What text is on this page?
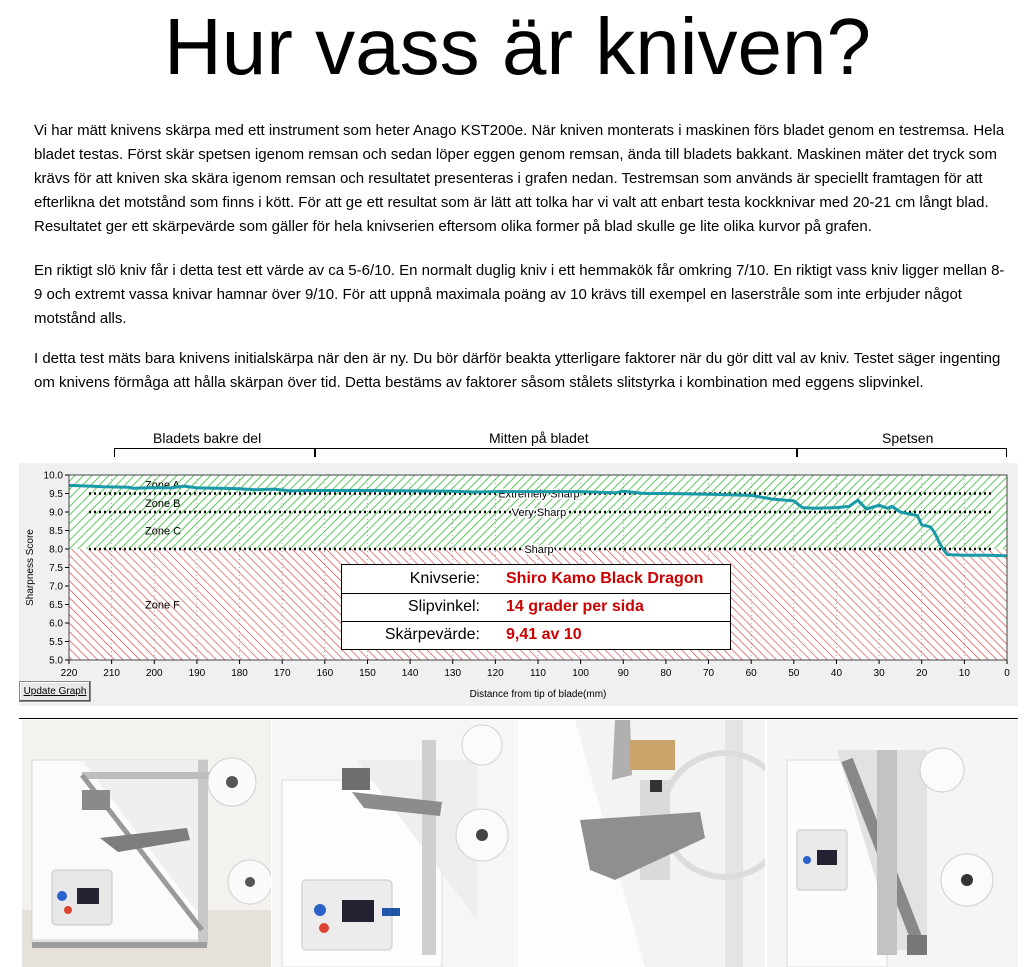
Hur vass är kniven?
Vi har mätt knivens skärpa med ett instrument som heter Anago KST200e. När kniven monterats i maskinen förs bladet genom en testremsa. Hela bladet testas. Först skär spetsen igenom remsan och sedan löper eggen genom remsan, ända till bladets bakkant. Maskinen mäter det tryck som krävs för att kniven ska skära igenom remsan och resultatet presenteras i grafen nedan. Testremsan som används är speciellt framtagen för att efterlikna det motstånd som finns i kött. För att ge ett resultat som är lätt att tolka har vi valt att enbart testa kockknivar med 20-21 cm långt blad. Resultatet ger ett skärpevärde som gäller för hela knivserien eftersom olika former på blad skulle ge lite olika kurvor på grafen.
En riktigt slö kniv får i detta test ett värde av ca 5-6/10. En normalt duglig kniv i ett hemmakök får omkring 7/10. En riktigt vass kniv ligger mellan 8-9 och extremt vassa knivar hamnar över 9/10. För att uppnå maximala poäng av 10 krävs till exempel en laserstråle som inte erbjuder något motstånd alls.
I detta test mäts bara knivens initialskärpa när den är ny. Du bör därför beakta ytterligare faktorer när du gör ditt val av kniv. Testet säger ingenting om knivens förmåga att hålla skärpan över tid. Detta bestäms av faktorer såsom stålets slitstyrka i kombination med eggens slipvinkel.
Bladets bakre del	Mitten på bladet	Spetsen
Zone A
Zone B
Zone C
Zone F
Extremely Sharp
Very Sharp
Sharp
5.0
5.5
6.0
6.5
7.0
7.5
8.0
8.5
9.0
9.5
10.0
220	210	200	190	180	170	160	150	140	130	120	110	100	90	80	70	60	50	40	30	20	10	0
Distance from tip of blade(mm)
Sharpness Score
Update Graph
Knivserie: Shiro Kamo Black Dragon
Slipvinkel: 14 grader per sida
Skärpevärde: 9,41 av 10
